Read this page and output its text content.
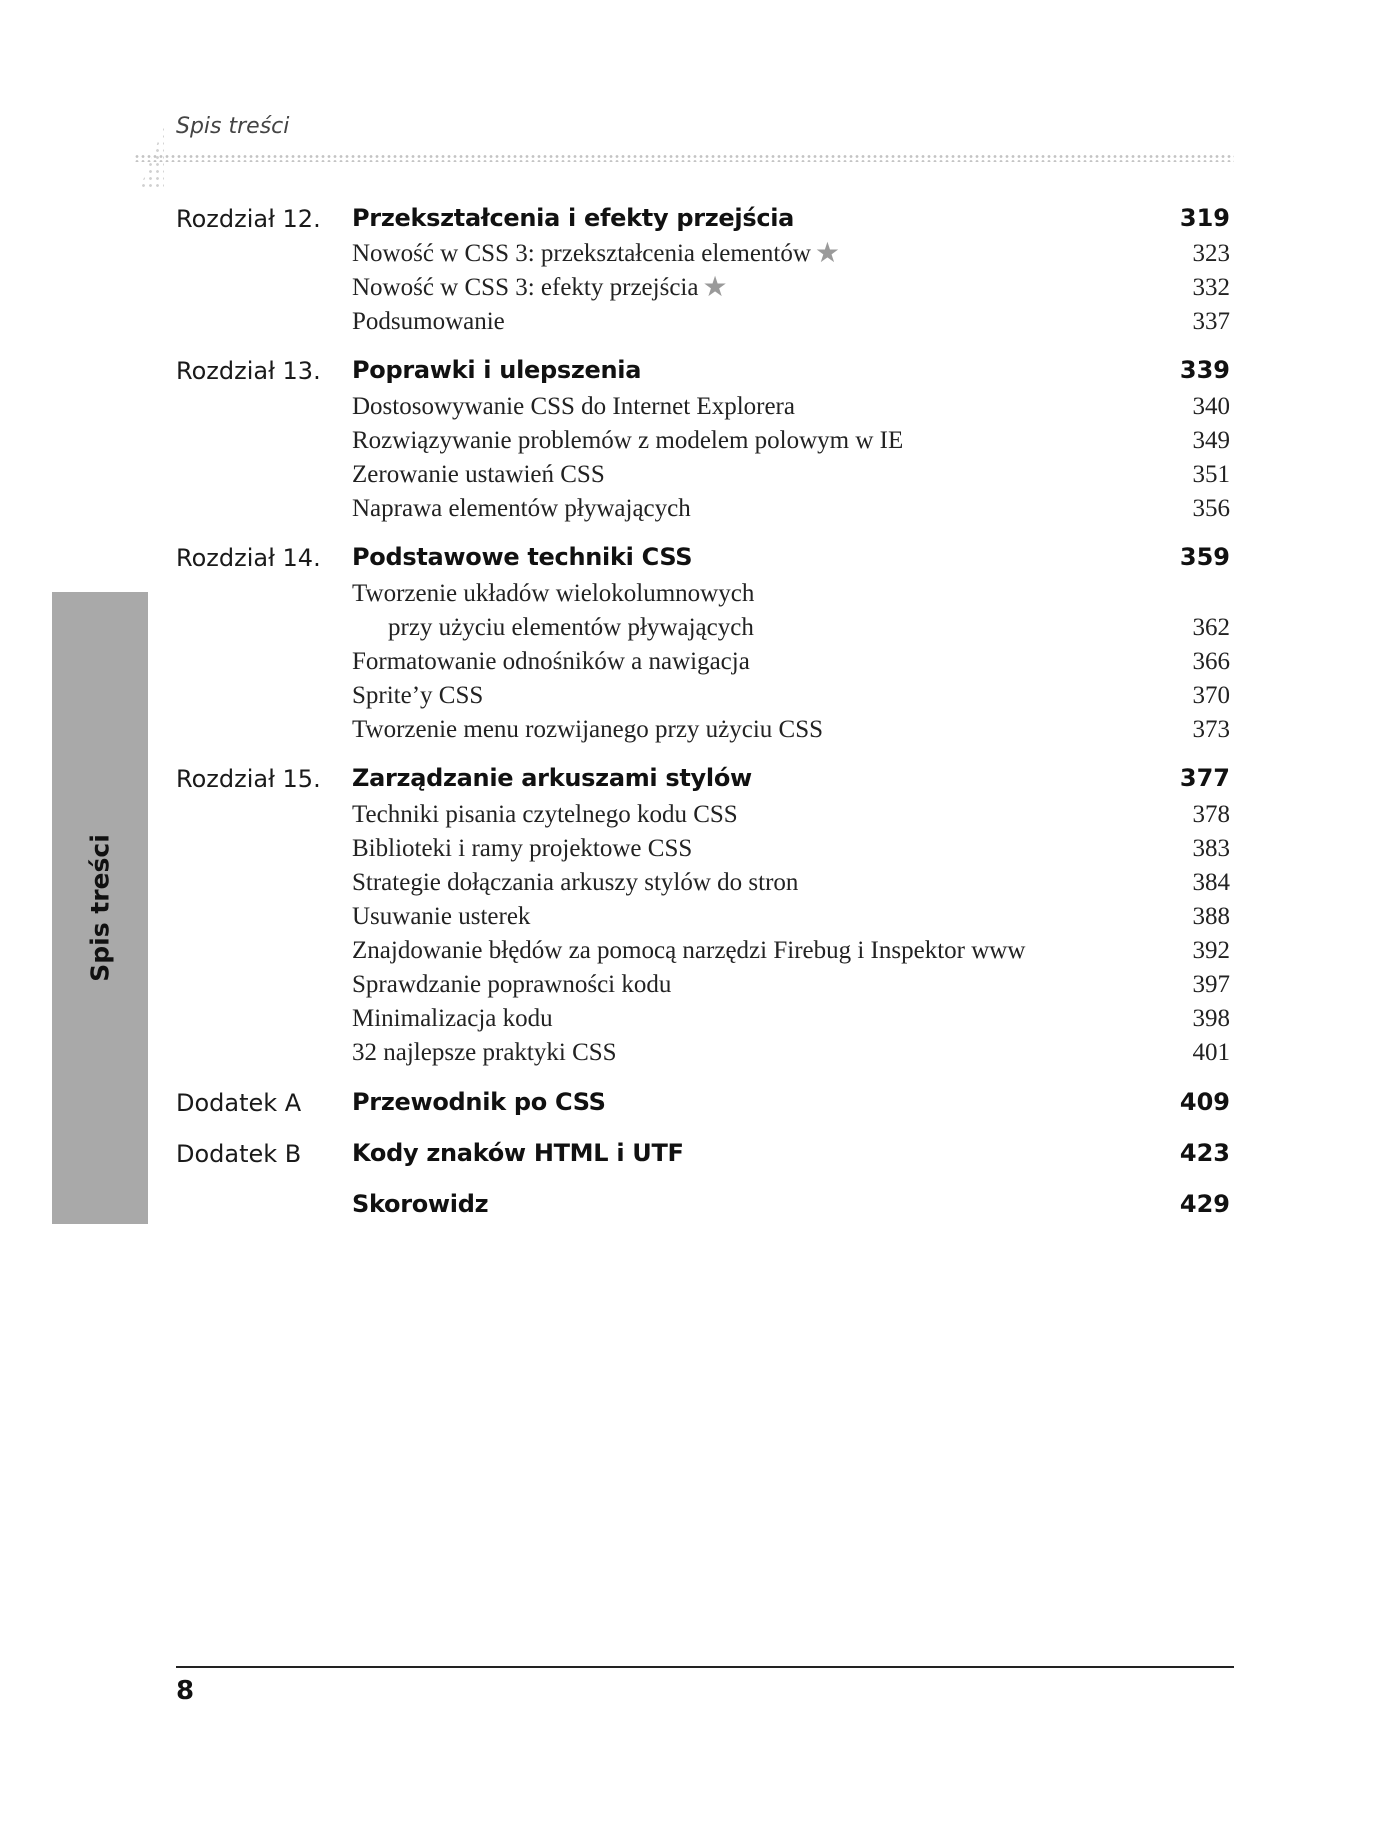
Spis treści
Spis treści
Rozdział 12. Przekształcenia i efekty przejścia	319
Nowość w CSS 3: przekształcenia elementów ★	323
Nowość w CSS 3: efekty przejścia ★	332
Podsumowanie	337
Rozdział 13. Poprawki i ulepszenia	339
Dostosowywanie CSS do Internet Explorera	340
Rozwiązywanie problemów z modelem polowym w IE	349
Zerowanie ustawień CSS	351
Naprawa elementów pływających	356
Rozdział 14. Podstawowe techniki CSS	359
Tworzenie układów wielokolumnowych
przy użyciu elementów pływających	362
Formatowanie odnośników a nawigacja	366
Sprite’y CSS	370
Tworzenie menu rozwijanego przy użyciu CSS	373
Rozdział 15. Zarządzanie arkuszami stylów	377
Techniki pisania czytelnego kodu CSS	378
Biblioteki i ramy projektowe CSS	383
Strategie dołączania arkuszy stylów do stron	384
Usuwanie usterek	388
Znajdowanie błędów za pomocą narzędzi Firebug i Inspektor www	392
Sprawdzanie poprawności kodu	397
Minimalizacja kodu	398
32 najlepsze praktyki CSS	401
Dodatek A Przewodnik po CSS	409
Dodatek B Kody znaków HTML i UTF	423
Skorowidz	429
8
